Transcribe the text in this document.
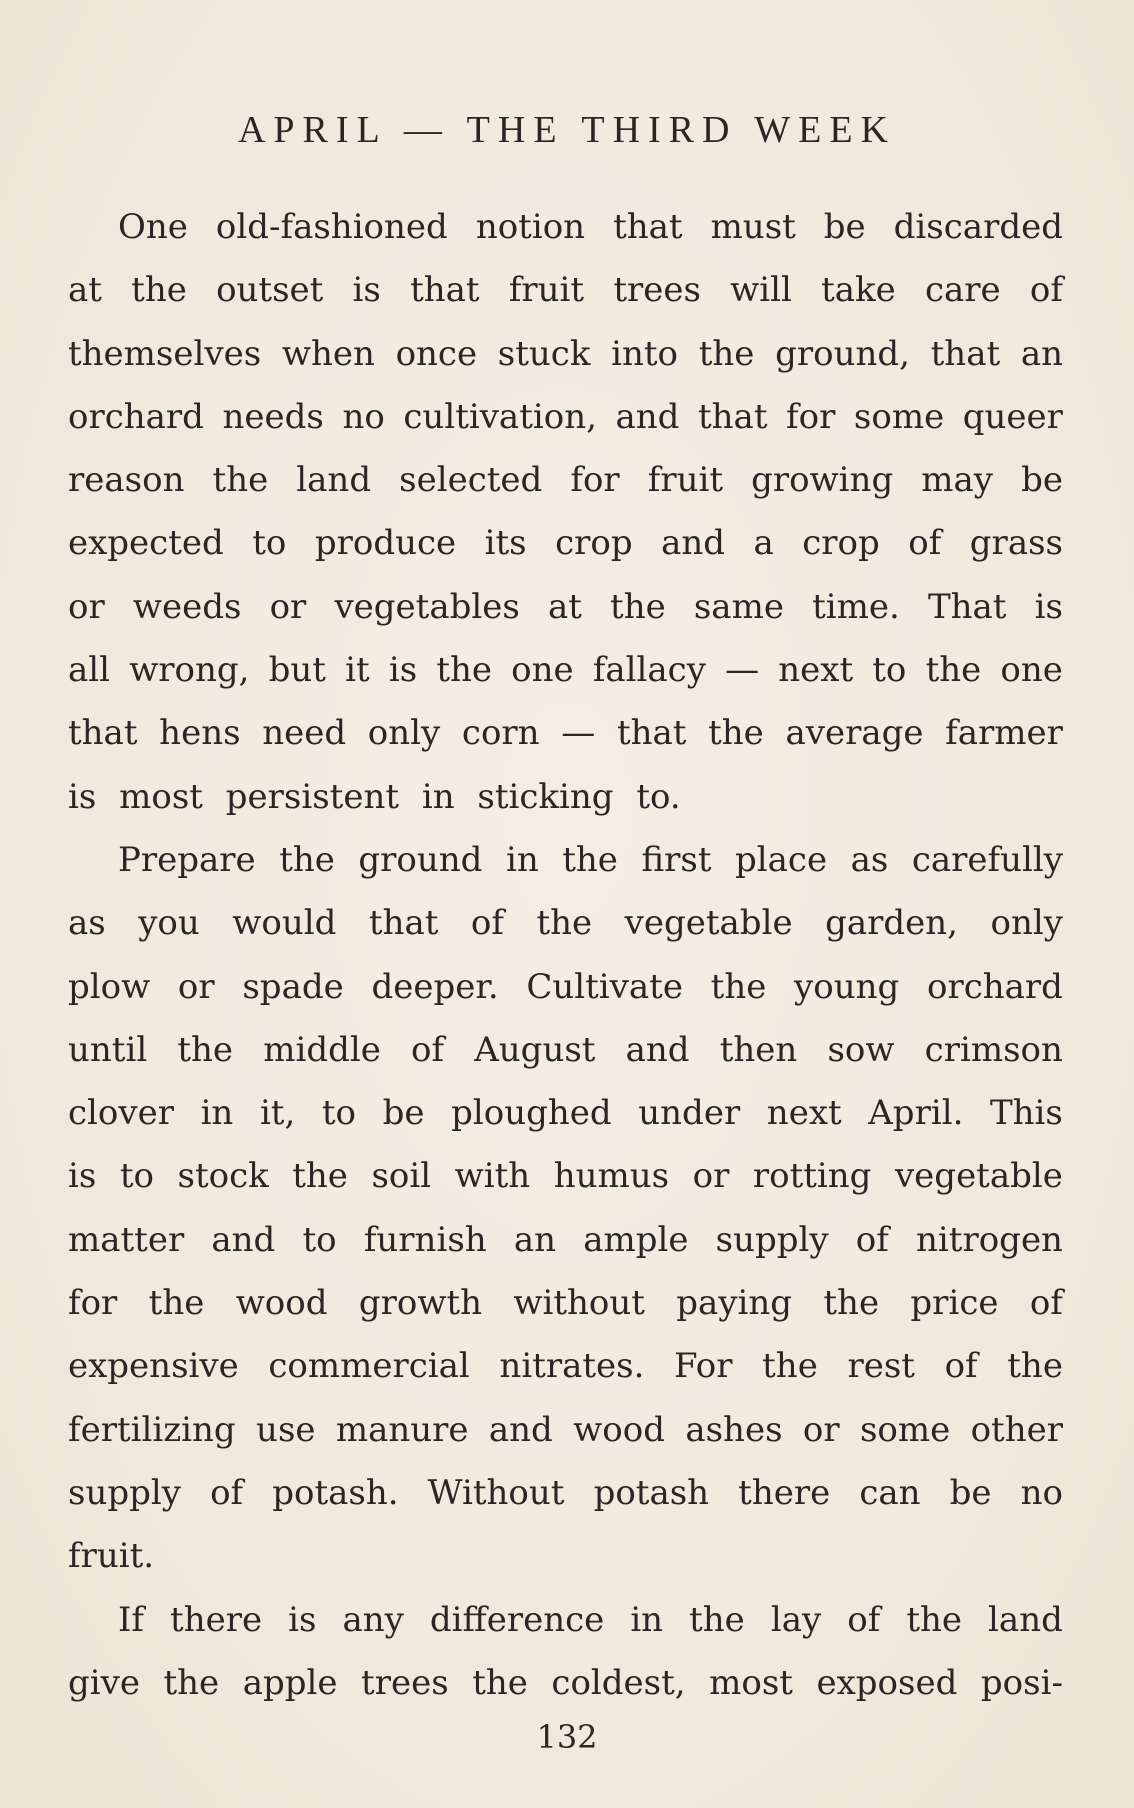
APRIL — THE THIRD WEEK
One old-fashioned notion that must be discarded
at the outset is that fruit trees will take care of
themselves when once stuck into the ground, that an
orchard needs no cultivation, and that for some queer
reason the land selected for fruit growing may be
expected to produce its crop and a crop of grass
or weeds or vegetables at the same time. That is
all wrong, but it is the one fallacy — next to the one
that hens need only corn — that the average farmer
is most persistent in sticking to.
Prepare the ground in the first place as carefully
as you would that of the vegetable garden, only
plow or spade deeper. Cultivate the young orchard
until the middle of August and then sow crimson
clover in it, to be ploughed under next April. This
is to stock the soil with humus or rotting vegetable
matter and to furnish an ample supply of nitrogen
for the wood growth without paying the price of
expensive commercial nitrates. For the rest of the
fertilizing use manure and wood ashes or some other
supply of potash. Without potash there can be no
fruit.
If there is any difference in the lay of the land
give the apple trees the coldest, most exposed posi-
132
